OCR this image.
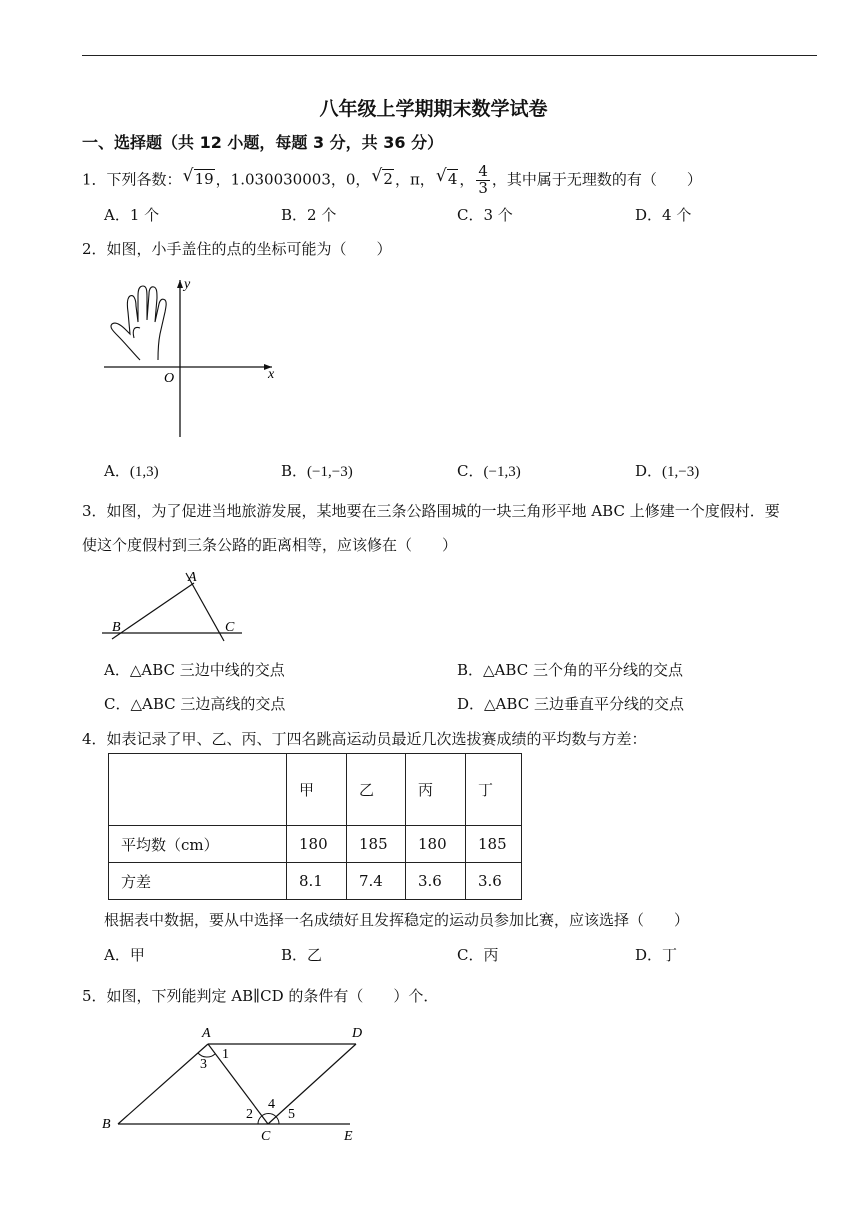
八年级上学期期末数学试卷
一、选择题（共 12 小题，每题 3 分，共 36 分）
1．下列各数： √ 19 ，1.030030003，0， √ 2 ，π， √ 4 ， $\frac{4}{3}$ ，其中属于无理数的有（　　）
A．1 个	B．2 个	C．3 个	D．4 个
2．如图，小手盖住的点的坐标可能为（　　）
y
x
O
A．(1,3)	B．(−1,−3)	C．(−1,3)	D．(1,−3)
3．如图，为了促进当地旅游发展，某地要在三条公路围城的一块三角形平地 ABC 上修建一个度假村．要
使这个度假村到三条公路的距离相等，应该修在（　　）
A
B	C
A．△ABC 三边中线的交点	B．△ABC 三个角的平分线的交点
C．△ABC 三边高线的交点	D．△ABC 三边垂直平分线的交点
4．如表记录了甲、乙、丙、丁四名跳高运动员最近几次选拔赛成绩的平均数与方差：
	甲	乙	丙	丁
平均数（cm）	180	185	180	185
方差	8.1	7.4	3.6	3.6
根据表中数据，要从中选择一名成绩好且发挥稳定的运动员参加比赛，应该选择（　　）
A．甲	B．乙	C．丙	D．丁
5．如图，下列能判定 AB∥CD 的条件有（　　）个．
A	D
B
C	E
1
3
2
4
5
